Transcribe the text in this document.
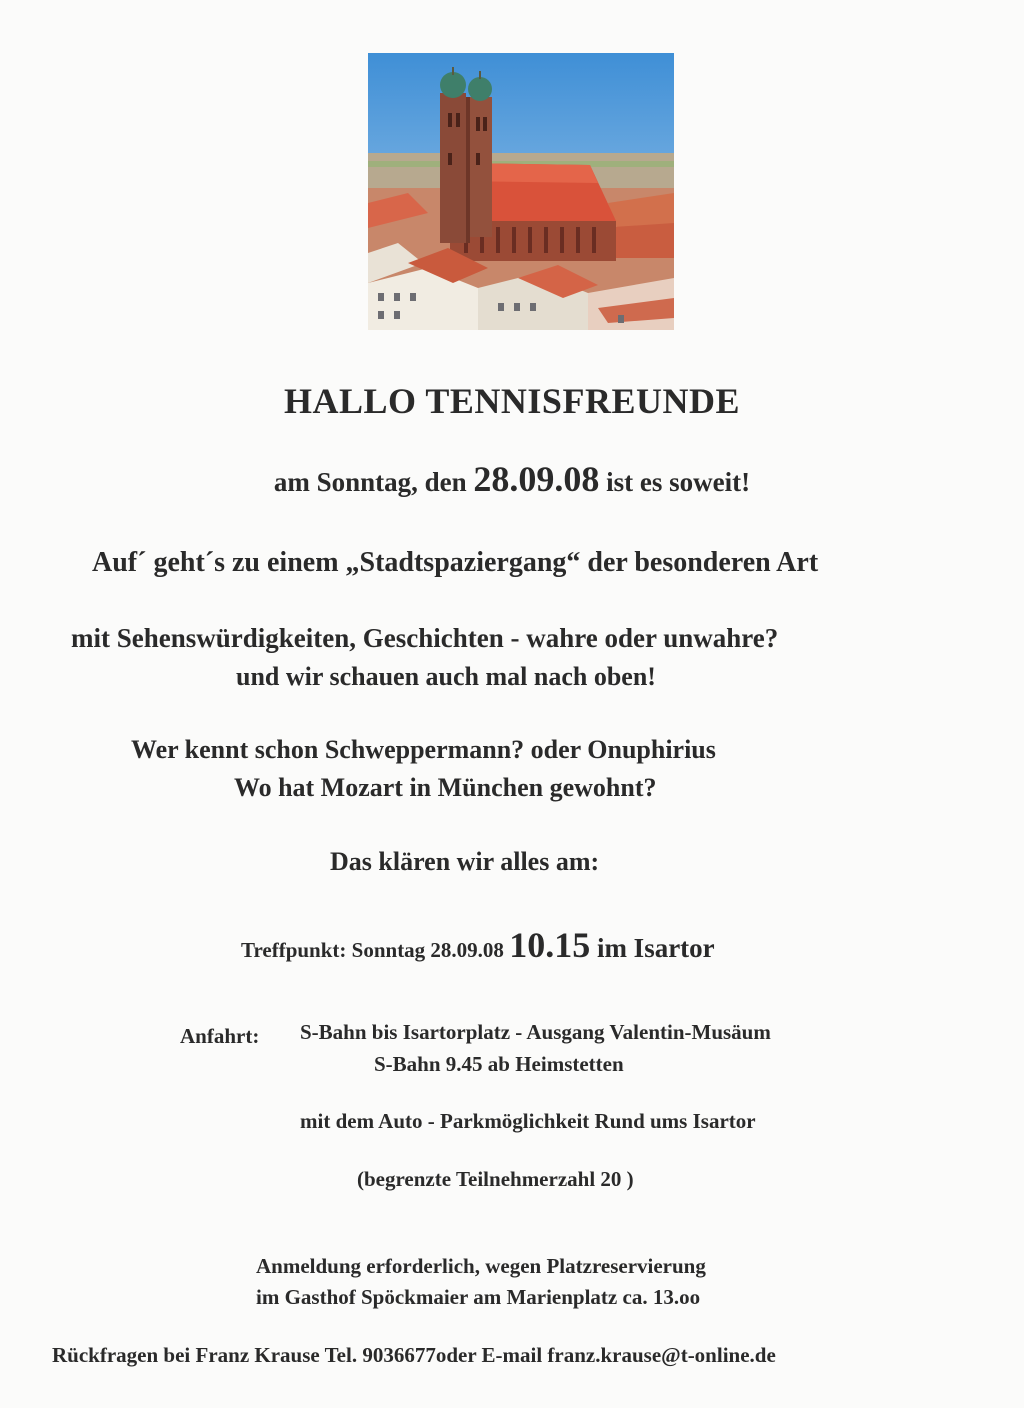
HALLO TENNISFREUNDE
am Sonntag, den 28.09.08 ist es soweit!
Auf´ geht´s zu einem „Stadtspaziergang“ der besonderen Art
mit Sehenswürdigkeiten, Geschichten - wahre oder unwahre?
und wir schauen auch mal nach oben!
Wer kennt schon Schweppermann? oder Onuphirius
Wo hat Mozart in München gewohnt?
Das klären wir alles am:
Treffpunkt: Sonntag 28.09.08 10.15 im Isartor
Anfahrt: S-Bahn bis Isartorplatz - Ausgang Valentin-Musäum
S-Bahn 9.45 ab Heimstetten
mit dem Auto - Parkmöglichkeit Rund ums Isartor
(begrenzte Teilnehmerzahl 20 )
Anmeldung erforderlich, wegen Platzreservierung
im Gasthof Spöckmaier am Marienplatz ca. 13.oo
Rückfragen bei Franz Krause Tel. 9036677oder E-mail franz.krause@t-online.de
